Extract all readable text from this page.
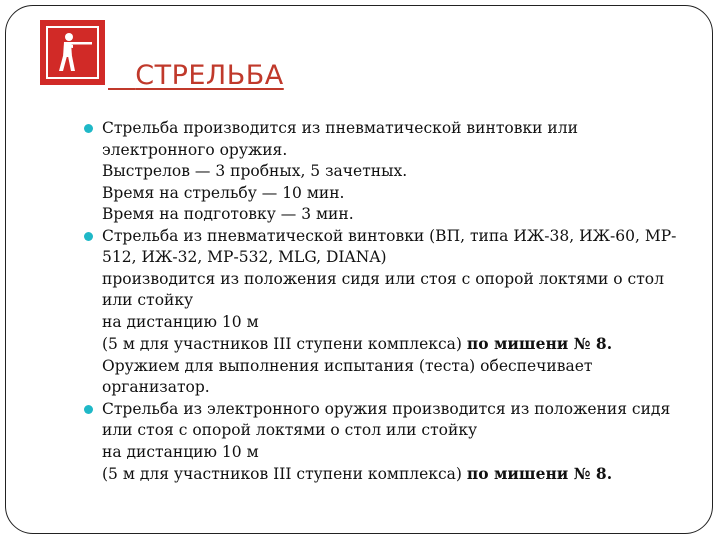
СТРЕЛЬБА
Стрельба производится из пневматической винтовки или
электронного оружия.
Выстрелов — 3 пробных, 5 зачетных.
Время на стрельбу — 10 мин.
Время на подготовку — 3 мин.
Стрельба из пневматической винтовки (ВП, типа ИЖ-38, ИЖ-60, МР-
512, ИЖ-32, МР-532, MLG, DIANA)
производится из положения сидя или стоя с опорой локтями о стол
или стойку
на дистанцию 10 м
(5 м для участников III ступени комплекса) по мишени № 8.
Оружием для выполнения испытания (теста) обеспечивает
организатор.
Стрельба из электронного оружия производится из положения сидя
или стоя с опорой локтями о стол или стойку
на дистанцию 10 м
(5 м для участников III ступени комплекса) по мишени № 8.
